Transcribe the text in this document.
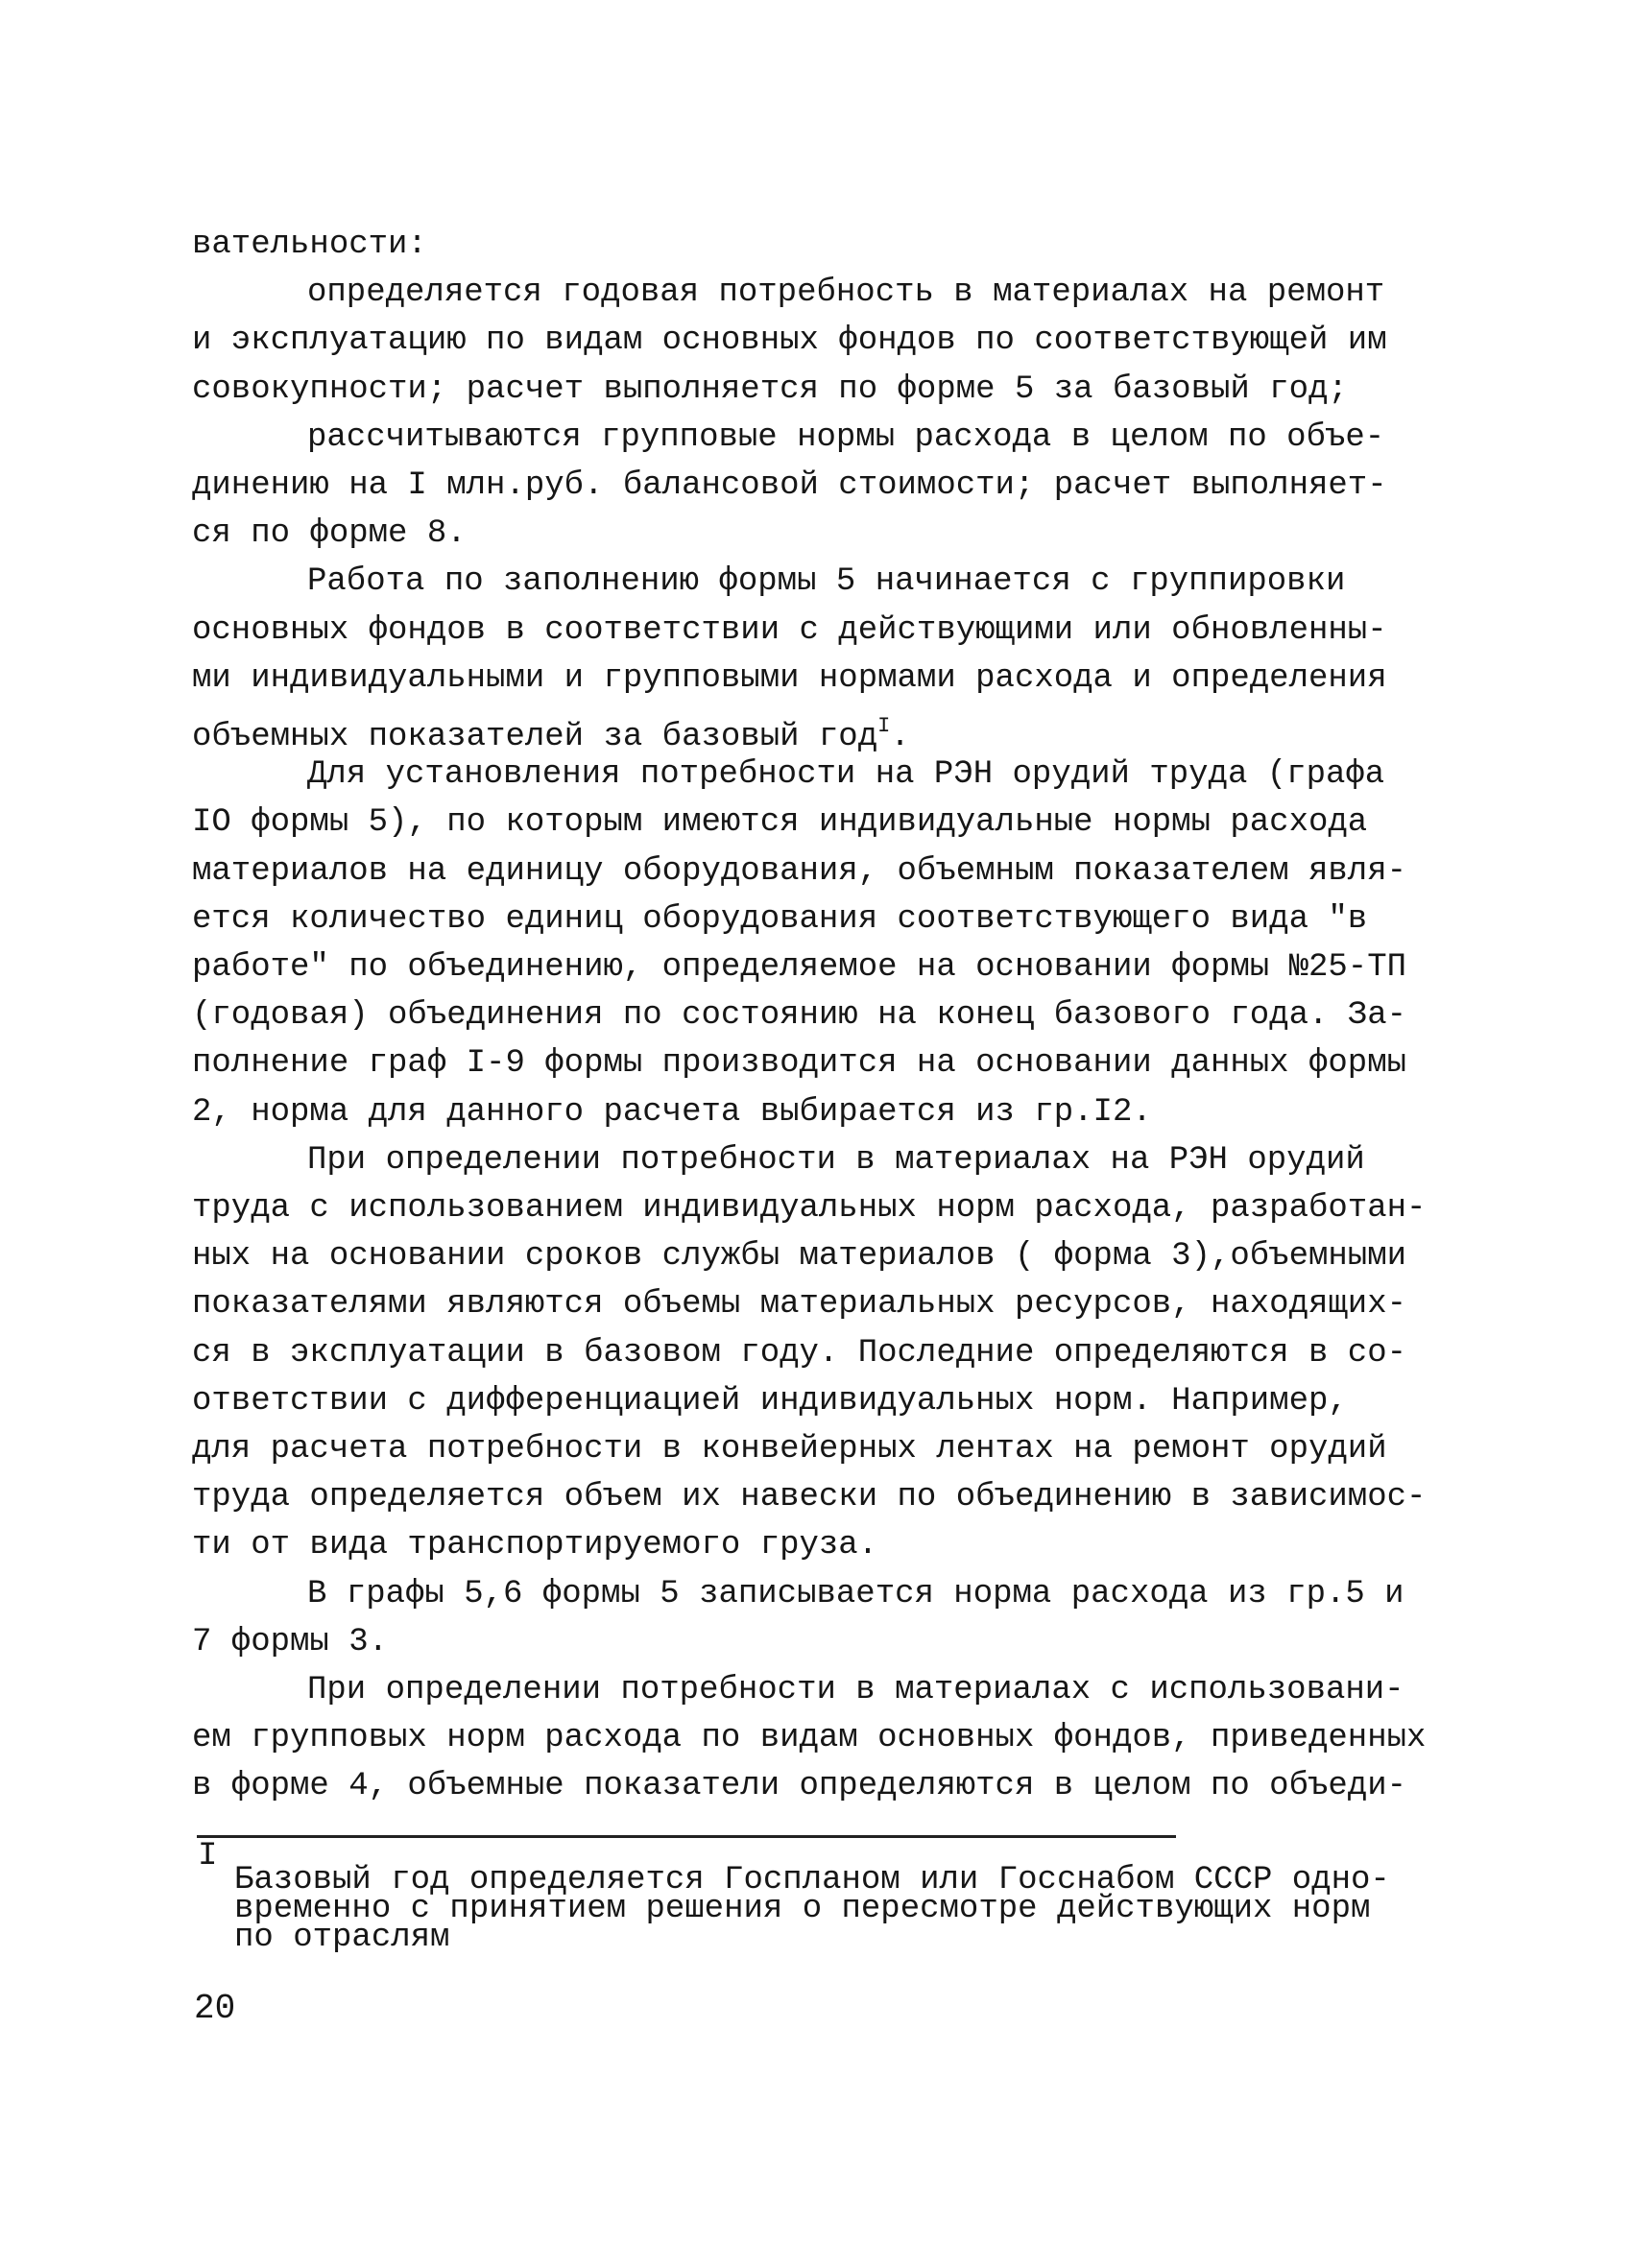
вательности:
определяется годовая потребность в материалах на ремонт
и эксплуатацию по видам основных фондов по соответствующей им
совокупности; расчет выполняется по форме 5 за базовый год;
рассчитываются групповые нормы расхода в целом по объе-
динению на I млн.руб. балансовой стоимости; расчет выполняет-
ся по форме 8.
Работа по заполнению формы 5 начинается с группировки
основных фондов в соответствии с действующими или обновленны-
ми индивидуальными и групповыми нормами расхода и определения
объемных показателей за базовый год$^I$.
Для установления потребности на РЭН орудий труда (графа
IO формы 5), по которым имеются индивидуальные нормы расхода
материалов на единицу оборудования, объемным показателем явля-
ется количество единиц оборудования соответствующего вида "в
работе" по объединению, определяемое на основании формы №25-ТП
(годовая) объединения по состоянию на конец базового года. За-
полнение граф I-9 формы производится на основании данных формы
2, норма для данного расчета выбирается из гр.I2.
При определении потребности в материалах на РЭН орудий
труда с использованием индивидуальных норм расхода, разработан-
ных на основании сроков службы материалов ( форма 3),объемными
показателями являются объемы материальных ресурсов, находящих-
ся в эксплуатации в базовом году. Последние определяются в со-
ответствии с дифференциацией индивидуальных норм. Например,
для расчета потребности в конвейерных лентах на ремонт орудий
труда определяется объем их навески по объединению в зависимос-
ти от вида транспортируемого груза.
В графы 5,6 формы 5 записывается норма расхода из гр.5 и
7 формы 3.
При определении потребности в материалах с использовани-
ем групповых норм расхода по видам основных фондов, приведенных
в форме 4, объемные показатели определяются в целом по объеди-
I
Базовый год определяется Госпланом или Госснабом СССР одно-
временно с принятием решения о пересмотре действующих норм
по отраслям
20
